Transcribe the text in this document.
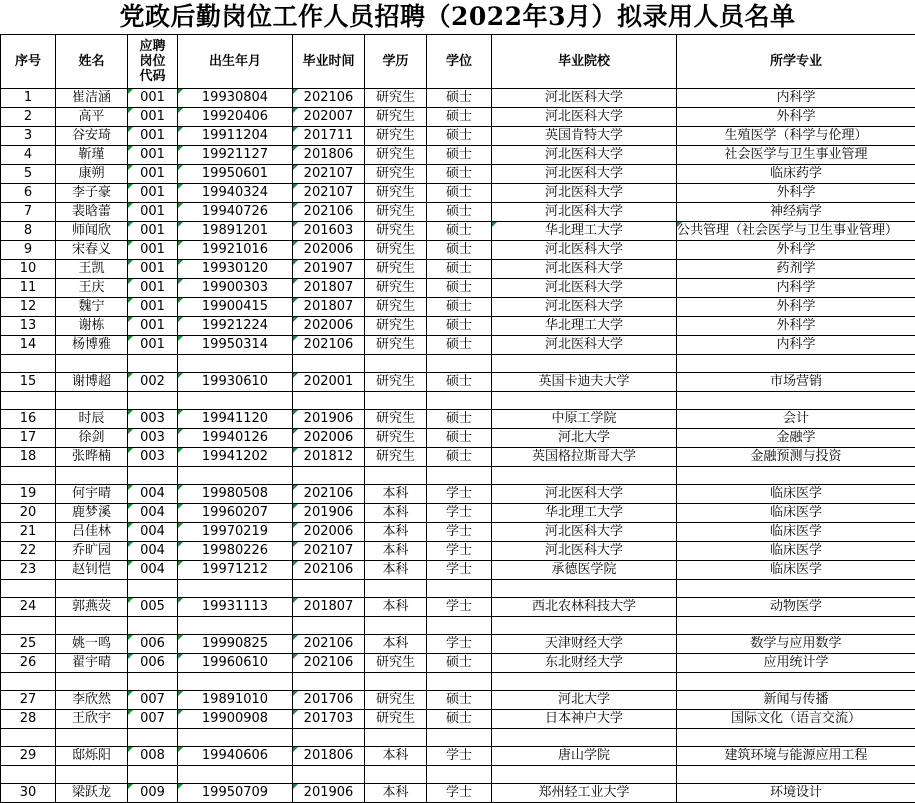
党政后勤岗位工作人员招聘（2022年3月）拟录用人员名单
序号	姓名	应聘岗位代码	出生年月	毕业时间	学历	学位	毕业院校	所学专业
1	崔洁涵	001	19930804	202106	研究生	硕士	河北医科大学	内科学
2	高平	001	19920406	202007	研究生	硕士	河北医科大学	外科学
3	谷安琦	001	19911204	201711	研究生	硕士	英国肯特大学	生殖医学（科学与伦理）
4	靳瑾	001	19921127	201806	研究生	硕士	河北医科大学	社会医学与卫生事业管理
5	康朔	001	19950601	202107	研究生	硕士	河北医科大学	临床药学
6	李子豪	001	19940324	202107	研究生	硕士	河北医科大学	外科学
7	裴晗蕾	001	19940726	202106	研究生	硕士	河北医科大学	神经病学
8	师闻欣	001	19891201	201603	研究生	硕士	华北理工大学	公共管理（社会医学与卫生事业管理）
9	宋春义	001	19921016	202006	研究生	硕士	河北医科大学	外科学
10	王凯	001	19930120	201907	研究生	硕士	河北医科大学	药剂学
11	王庆	001	19900303	201807	研究生	硕士	河北医科大学	内科学
12	魏宁	001	19900415	201807	研究生	硕士	河北医科大学	外科学
13	谢栋	001	19921224	202006	研究生	硕士	华北理工大学	外科学
14	杨博雅	001	19950314	202106	研究生	硕士	河北医科大学	内科学

15	谢博超	002	19930610	202001	研究生	硕士	英国卡迪夫大学	市场营销

16	时辰	003	19941120	201906	研究生	硕士	中原工学院	会计
17	徐剑	003	19940126	202006	研究生	硕士	河北大学	金融学
18	张晔楠	003	19941202	201812	研究生	硕士	英国格拉斯哥大学	金融预测与投资

19	何宇晴	004	19980508	202106	本科	学士	河北医科大学	临床医学
20	鹿梦溪	004	19960207	201906	本科	学士	华北理工大学	临床医学
21	吕佳林	004	19970219	202006	本科	学士	河北医科大学	临床医学
22	乔旷园	004	19980226	202107	本科	学士	河北医科大学	临床医学
23	赵钊恺	004	19971212	202106	本科	学士	承德医学院	临床医学

24	郭燕荧	005	19931113	201807	本科	学士	西北农林科技大学	动物医学

25	姚一鸣	006	19990825	202106	本科	学士	天津财经大学	数学与应用数学
26	翟宇晴	006	19960610	202106	研究生	硕士	东北财经大学	应用统计学

27	李欣然	007	19891010	201706	研究生	硕士	河北大学	新闻与传播
28	王欣宇	007	19900908	201703	研究生	硕士	日本神户大学	国际文化（语言交流）

29	邸烁阳	008	19940606	201806	本科	学士	唐山学院	建筑环境与能源应用工程

30	梁跃龙	009	19950709	201906	本科	学士	郑州轻工业大学	环境设计
